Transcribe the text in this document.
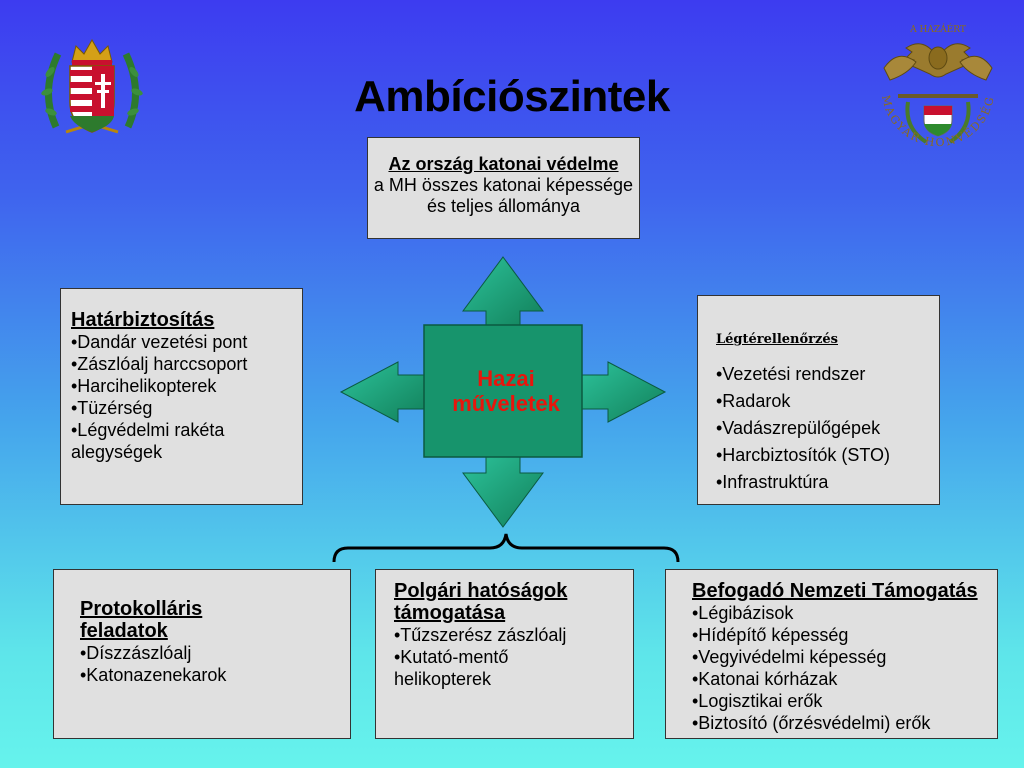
Ambíciószintek
A HAZÁÉRT
MAGYAR HONVÉDSÉG
Hazai műveletek
Az ország katonai védelme
a MH összes katonai képessége
és teljes állománya
Határbiztosítás
•Dandár vezetési pont
•Zászlóalj harccsoport
•Harcihelikopterek
•Tüzérség
•Légvédelmi rakéta
alegységek
Légtérellenőrzés
•Vezetési rendszer
•Radarok
•Vadászrepülőgépek
•Harcbiztosítók (STO)
•Infrastruktúra
Protokolláris
feladatok
•Díszzászlóalj
•Katonazenekarok
Polgári hatóságok
támogatása
•Tűzszerész zászlóalj
•Kutató-mentő
helikopterek
Befogadó Nemzeti Támogatás
•Légibázisok
•Hídépítő képesség
•Vegyivédelmi képesség
•Katonai kórházak
•Logisztikai erők
•Biztosító (őrzésvédelmi) erők
